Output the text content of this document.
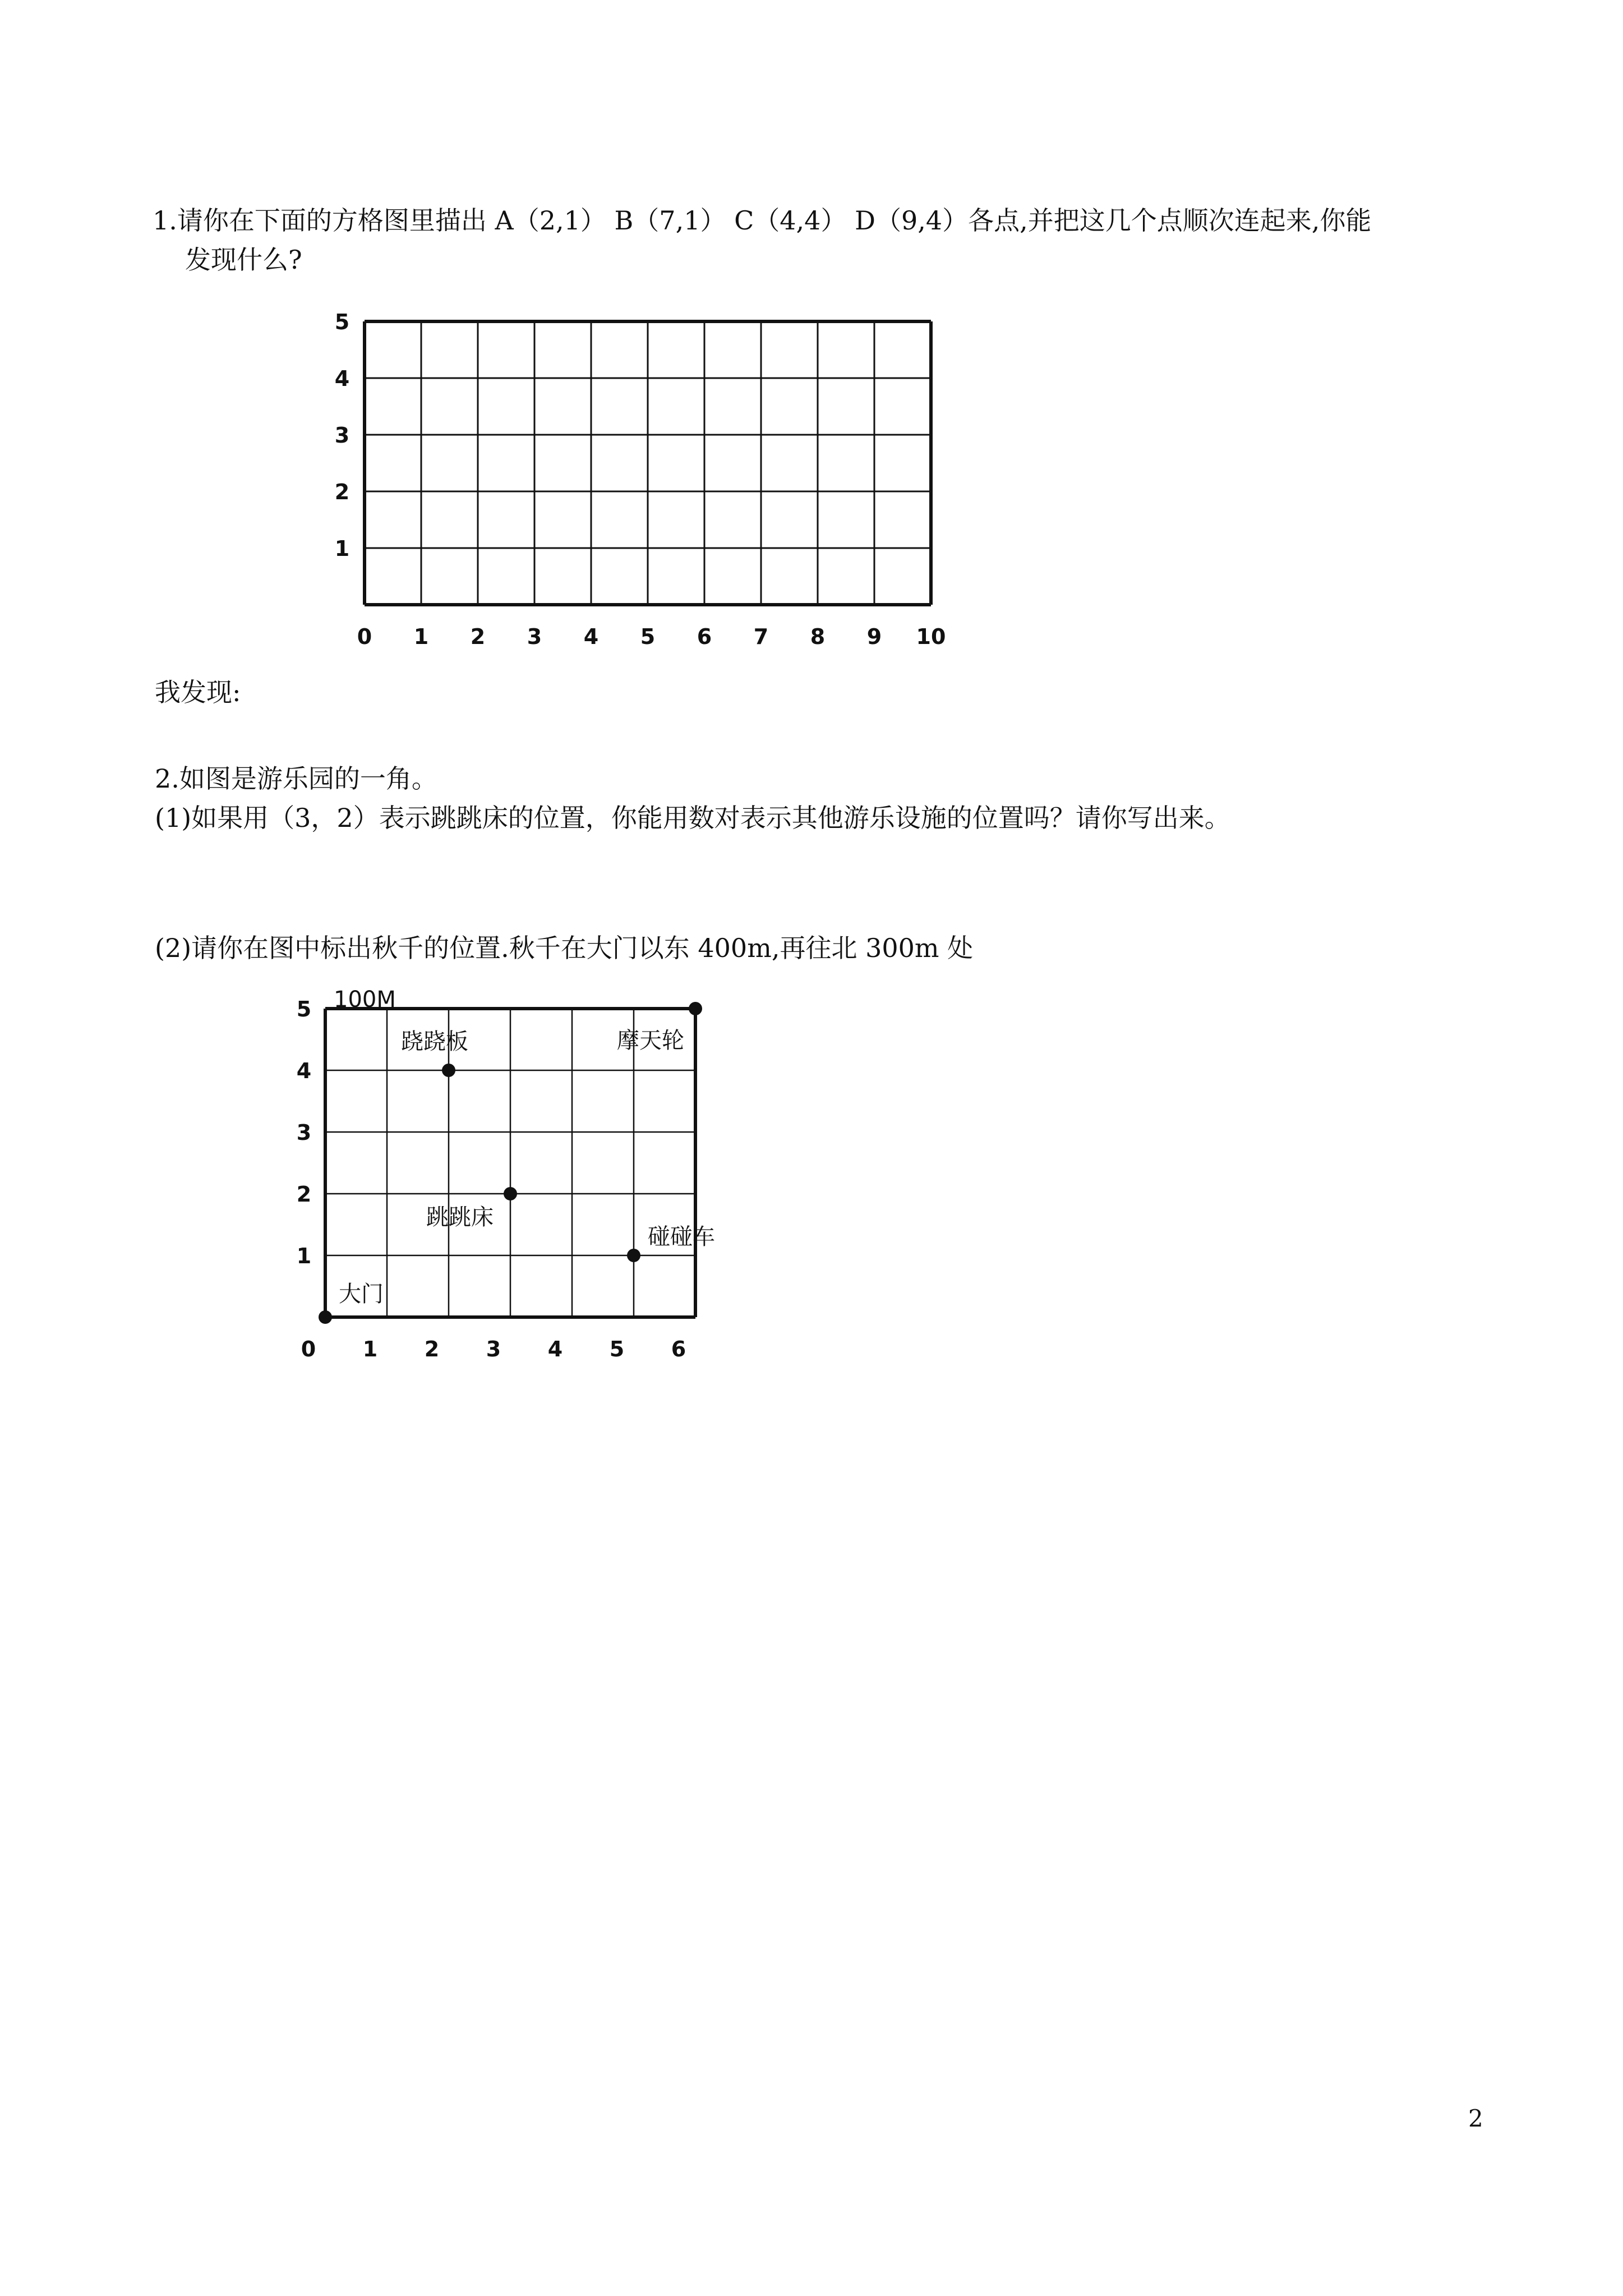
1.请你在下面的方格图里描出 A（2,1） B（7,1） C（4,4） D（9,4）各点,并把这几个点顺次连起来,你能
发现什么?
0 1 2 3 4 5 6 7 8 9 10
1
2
3
4
5
我发现:
2.如图是游乐园的一角。
(1)如果用（3，2）表示跳跳床的位置，你能用数对表示其他游乐设施的位置吗？请你写出来。
(2)请你在图中标出秋千的位置.秋千在大门以东 400m,再往北 300m 处
100M
0 1 2 3 4 5 6
1
2
3
4
5
大门
跷跷板	摩天轮
跳跳床
碰碰车
2
